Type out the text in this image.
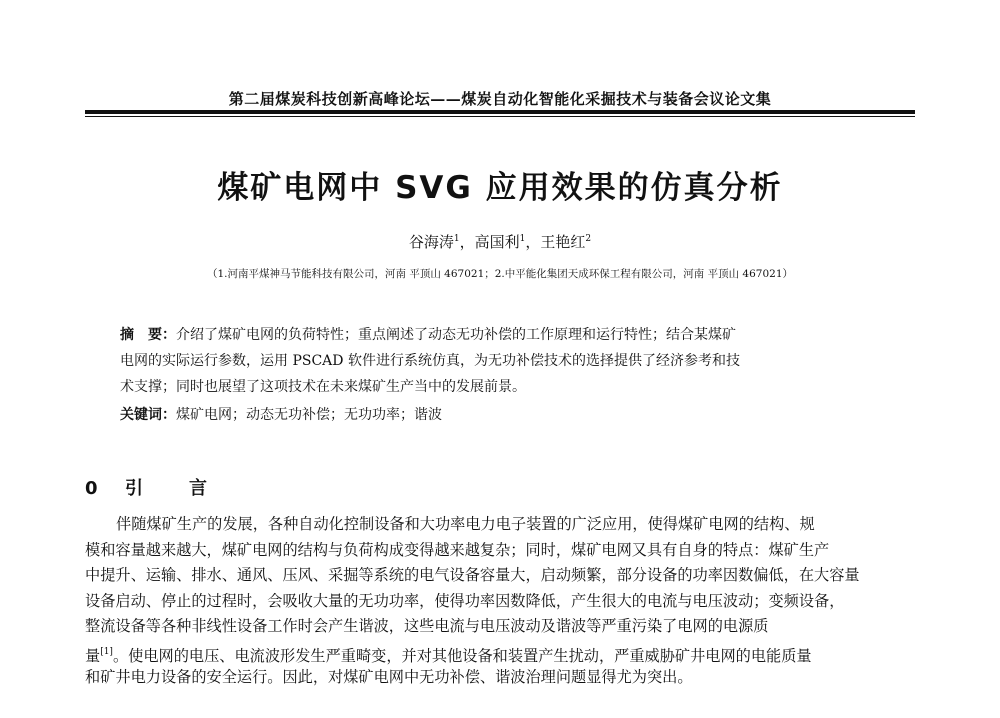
第二届煤炭科技创新高峰论坛——煤炭自动化智能化采掘技术与装备会议论文集
煤矿电网中 SVG 应用效果的仿真分析
谷海涛$^1$，高国利$^1$，王艳红$^2$
（1.河南平煤神马节能科技有限公司，河南 平顶山 467021；2.中平能化集团天成环保工程有限公司，河南 平顶山 467021）
摘　要：介绍了煤矿电网的负荷特性；重点阐述了动态无功补偿的工作原理和运行特性；结合某煤矿
电网的实际运行参数，运用 PSCAD 软件进行系统仿真，为无功补偿技术的选择提供了经济参考和技
术支撑；同时也展望了这项技术在未来煤矿生产当中的发展前景。
关键词：煤矿电网；动态无功补偿；无功功率；谐波
0 引言
伴随煤矿生产的发展，各种自动化控制设备和大功率电力电子装置的广泛应用，使得煤矿电网的结构、规
模和容量越来越大，煤矿电网的结构与负荷构成变得越来越复杂；同时，煤矿电网又具有自身的特点：煤矿生产
中提升、运输、排水、通风、压风、采掘等系统的电气设备容量大，启动频繁，部分设备的功率因数偏低，在大容量
设备启动、停止的过程时，会吸收大量的无功功率，使得功率因数降低，产生很大的电流与电压波动；变频设备，
整流设备等各种非线性设备工作时会产生谐波，这些电流与电压波动及谐波等严重污染了电网的电源质
量[1]。使电网的电压、电流波形发生严重畸变，并对其他设备和装置产生扰动，严重威胁矿井电网的电能质量
和矿井电力设备的安全运行。因此，对煤矿电网中无功补偿、谐波治理问题显得尤为突出。
